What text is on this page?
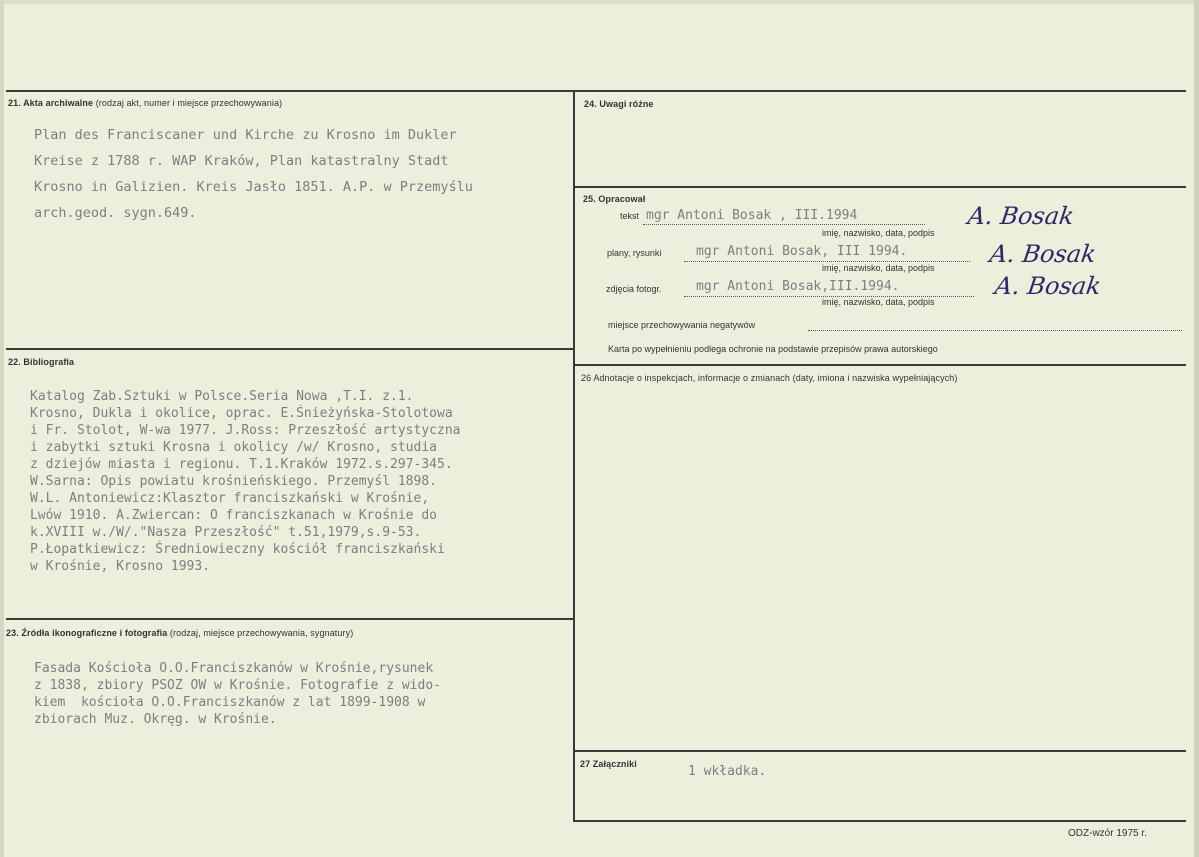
21. Akta archiwalne (rodzaj akt, numer i miejsce przechowywania)
Plan des Franciscaner und Kirche zu Krosno im Dukler
Kreise z 1788 r. WAP Kraków, Plan katastralny Stadt
Krosno in Galizien. Kreis Jasło 1851. A.P. w Przemyślu
arch.geod. sygn.649.
22. Bibliografia
Katalog Zab.Sztuki w Polsce.Seria Nowa ,T.I. z.1.
Krosno, Dukla i okolice, oprac. E.Śnieżyńska-Stolotowa
i Fr. Stolot, W-wa 1977. J.Ross: Przeszłość artystyczna
i zabytki sztuki Krosna i okolicy /w/ Krosno, studia
z dziejów miasta i regionu. T.1.Kraków 1972.s.297-345.
W.Sarna: Opis powiatu krośnieńskiego. Przemyśl 1898.
W.L. Antoniewicz:Klasztor franciszkański w Krośnie,
Lwów 1910. A.Zwiercan: O franciszkanach w Krośnie do
k.XVIII w./W/."Nasza Przeszłość" t.51,1979,s.9-53.
P.Łopatkiewicz: Średniowieczny kościół franciszkański
w Krośnie, Krosno 1993.
23. Źródła ikonograficzne i fotografia (rodzaj, miejsce przechowywania, sygnatury)
Fasada Kościoła O.O.Franciszkanów w Krośnie,rysunek
z 1838, zbiory PSOZ OW w Krośnie. Fotografie z wido-
kiem  kościoła O.O.Franciszkanów z lat 1899-1908 w
zbiorach Muz. Okręg. w Krośnie.
24. Uwagi różne
25. Opracował
tekst mgr Antoni Bosak , III.1994
imię, nazwisko, data, podpis
A. Bosak
plany, rysunki	mgr Antoni Bosak, III 1994.
imię, nazwisko, data, podpis A. Bosak
zdjęcia fotogr.	mgr Antoni Bosak,III.1994.
imię, nazwisko, data, podpis
A. Bosak
miejsce przechowywania negatywów
Karta po wypełnieniu podlega ochronie na podstawie przepisów prawa autorskiego
26 Adnotacje o inspekcjach, informacje o zmianach (daty, imiona i nazwiska wypełniających)
27 Załączniki	1 wkładka.
ODZ-wzór 1975 r.
